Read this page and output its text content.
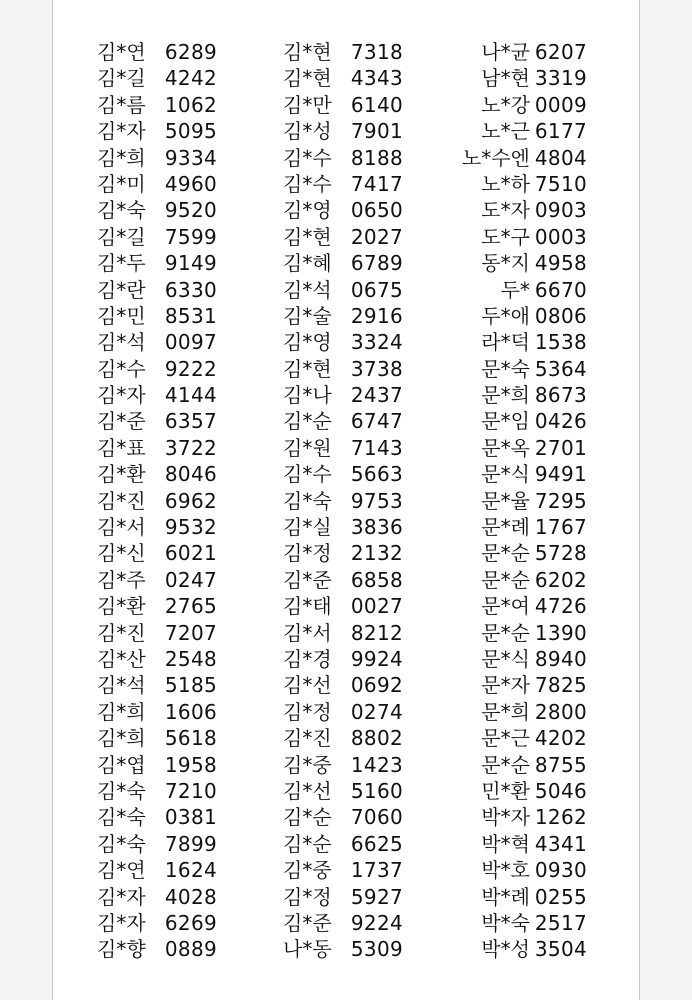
김*연 6289
김*길 4242
김*름 1062
김*자 5095
김*희 9334
김*미 4960
김*숙 9520
김*길 7599
김*두 9149
김*란 6330
김*민 8531
김*석 0097
김*수 9222
김*자 4144
김*준 6357
김*표 3722
김*환 8046
김*진 6962
김*서 9532
김*신 6021
김*주 0247
김*환 2765
김*진 7207
김*산 2548
김*석 5185
김*희 1606
김*희 5618
김*엽 1958
김*숙 7210
김*숙 0381
김*숙 7899
김*연 1624
김*자 4028
김*자 6269
김*향 0889
김*현 7318
김*현 4343
김*만 6140
김*성 7901
김*수 8188
김*수 7417
김*영 0650
김*현 2027
김*혜 6789
김*석 0675
김*술 2916
김*영 3324
김*현 3738
김*나 2437
김*순 6747
김*원 7143
김*수 5663
김*숙 9753
김*실 3836
김*정 2132
김*준 6858
김*태 0027
김*서 8212
김*경 9924
김*선 0692
김*정 0274
김*진 8802
김*중 1423
김*선 5160
김*순 7060
김*순 6625
김*중 1737
김*정 5927
김*준 9224
나*동 5309
나*균 6207
남*현 3319
노*강 0009
노*근 6177
노*수엔 4804
노*하 7510
도*자 0903
도*구 0003
동*지 4958
두* 6670
두*애 0806
라*덕 1538
문*숙 5364
문*희 8673
문*임 0426
문*옥 2701
문*식 9491
문*율 7295
문*례 1767
문*순 5728
문*순 6202
문*여 4726
문*순 1390
문*식 8940
문*자 7825
문*희 2800
문*근 4202
문*순 8755
민*환 5046
박*자 1262
박*혁 4341
박*호 0930
박*례 0255
박*숙 2517
박*성 3504
